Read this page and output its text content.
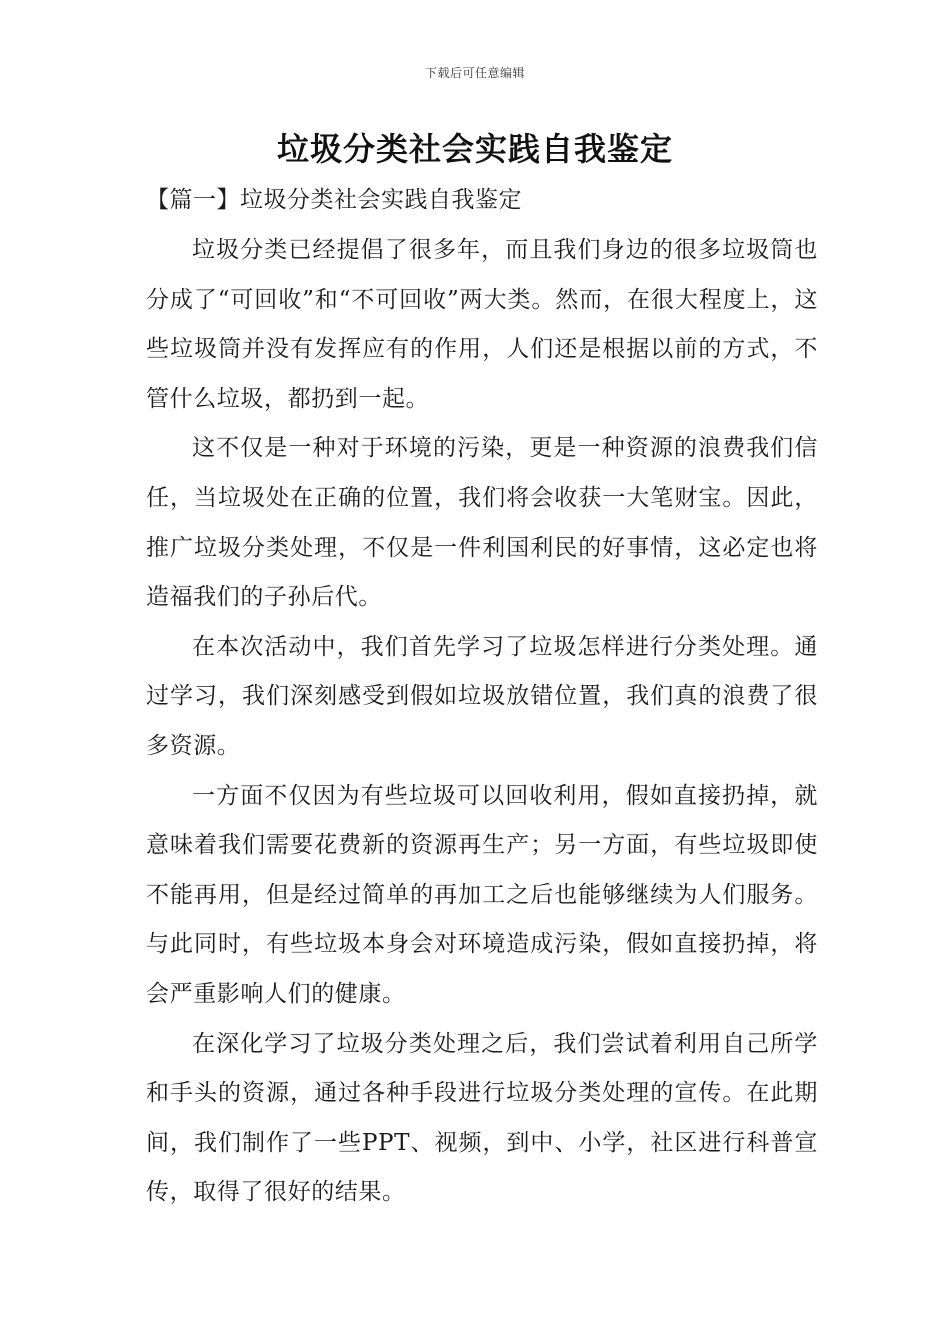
下载后可任意编辑
垃圾分类社会实践自我鉴定
【篇一】垃圾分类社会实践自我鉴定

垃圾分类已经提倡了很多年，而且我们身边的很多垃圾筒也分成了“可回收”和“不可回收”两大类。然而，在很大程度上，这些垃圾筒并没有发挥应有的作用，人们还是根据以前的方式，不管什么垃圾，都扔到一起。

这不仅是一种对于环境的污染，更是一种资源的浪费我们信任，当垃圾处在正确的位置，我们将会收获一大笔财宝。因此，推广垃圾分类处理，不仅是一件利国利民的好事情，这必定也将造福我们的子孙后代。

在本次活动中，我们首先学习了垃圾怎样进行分类处理。通过学习，我们深刻感受到假如垃圾放错位置，我们真的浪费了很多资源。

一方面不仅因为有些垃圾可以回收利用，假如直接扔掉，就意味着我们需要花费新的资源再生产；另一方面，有些垃圾即使不能再用，但是经过简单的再加工之后也能够继续为人们服务。与此同时，有些垃圾本身会对环境造成污染，假如直接扔掉，将会严重影响人们的健康。

在深化学习了垃圾分类处理之后，我们尝试着利用自己所学和手头的资源，通过各种手段进行垃圾分类处理的宣传。在此期间，我们制作了一些PPT、视频，到中、小学，社区进行科普宣传，取得了很好的结果。
